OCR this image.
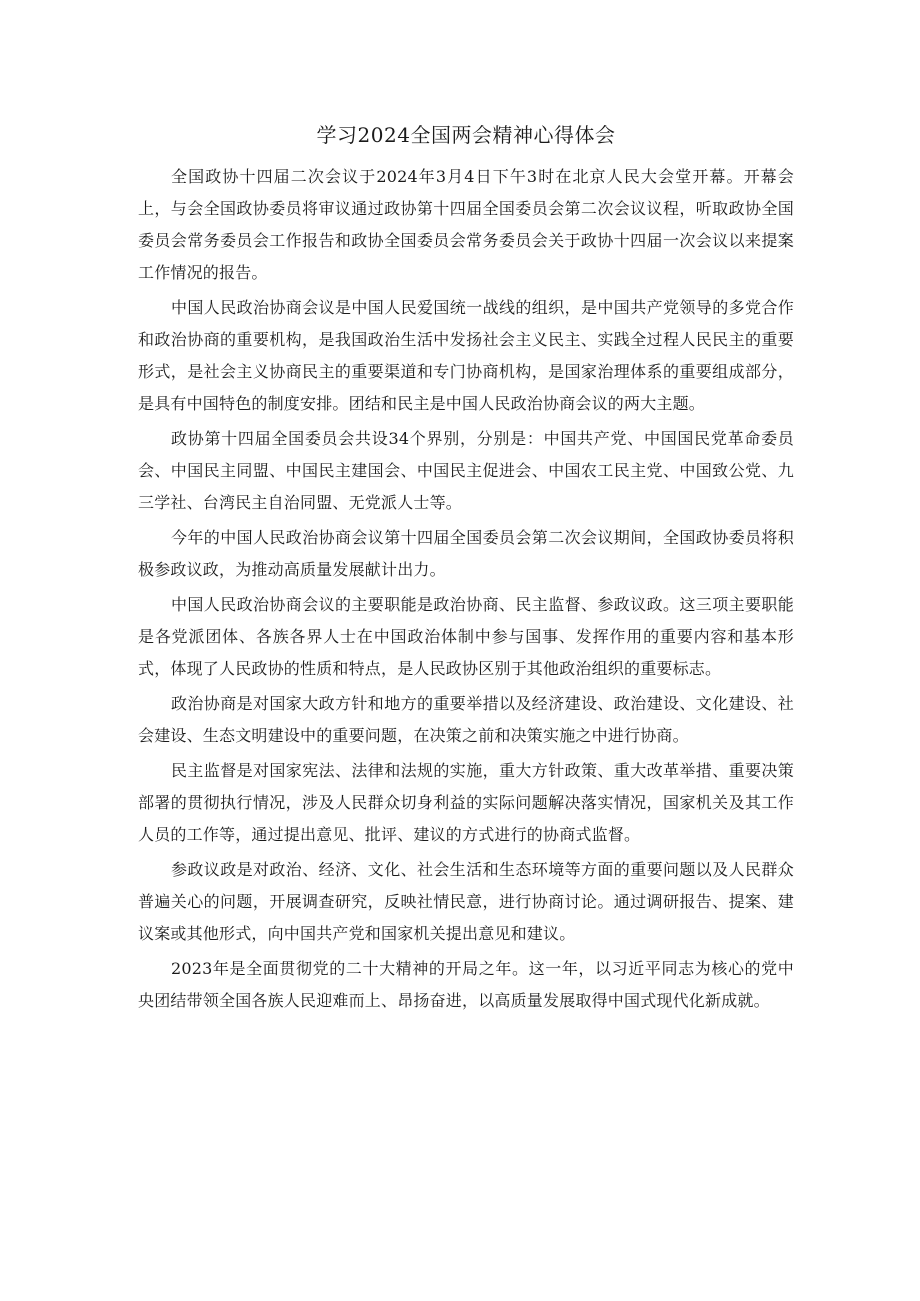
学习2024全国两会精神心得体会

全国政协十四届二次会议于2024年3月4日下午3时在北京人民大会堂开幕。开幕会上，与会全国政协委员将审议通过政协第十四届全国委员会第二次会议议程，听取政协全国委员会常务委员会工作报告和政协全国委员会常务委员会关于政协十四届一次会议以来提案工作情况的报告。

中国人民政治协商会议是中国人民爱国统一战线的组织，是中国共产党领导的多党合作和政治协商的重要机构，是我国政治生活中发扬社会主义民主、实践全过程人民民主的重要形式，是社会主义协商民主的重要渠道和专门协商机构，是国家治理体系的重要组成部分，是具有中国特色的制度安排。团结和民主是中国人民政治协商会议的两大主题。

政协第十四届全国委员会共设34个界别，分别是：中国共产党、中国国民党革命委员会、中国民主同盟、中国民主建国会、中国民主促进会、中国农工民主党、中国致公党、九三学社、台湾民主自治同盟、无党派人士等。

今年的中国人民政治协商会议第十四届全国委员会第二次会议期间，全国政协委员将积极参政议政，为推动高质量发展献计出力。

中国人民政治协商会议的主要职能是政治协商、民主监督、参政议政。这三项主要职能是各党派团体、各族各界人士在中国政治体制中参与国事、发挥作用的重要内容和基本形式，体现了人民政协的性质和特点，是人民政协区别于其他政治组织的重要标志。

政治协商是对国家大政方针和地方的重要举措以及经济建设、政治建设、文化建设、社会建设、生态文明建设中的重要问题，在决策之前和决策实施之中进行协商。

民主监督是对国家宪法、法律和法规的实施，重大方针政策、重大改革举措、重要决策部署的贯彻执行情况，涉及人民群众切身利益的实际问题解决落实情况，国家机关及其工作人员的工作等，通过提出意见、批评、建议的方式进行的协商式监督。

参政议政是对政治、经济、文化、社会生活和生态环境等方面的重要问题以及人民群众普遍关心的问题，开展调查研究，反映社情民意，进行协商讨论。通过调研报告、提案、建议案或其他形式，向中国共产党和国家机关提出意见和建议。

2023年是全面贯彻党的二十大精神的开局之年。这一年，以习近平同志为核心的党中央团结带领全国各族人民迎难而上、昂扬奋进，以高质量发展取得中国式现代化新成就。
